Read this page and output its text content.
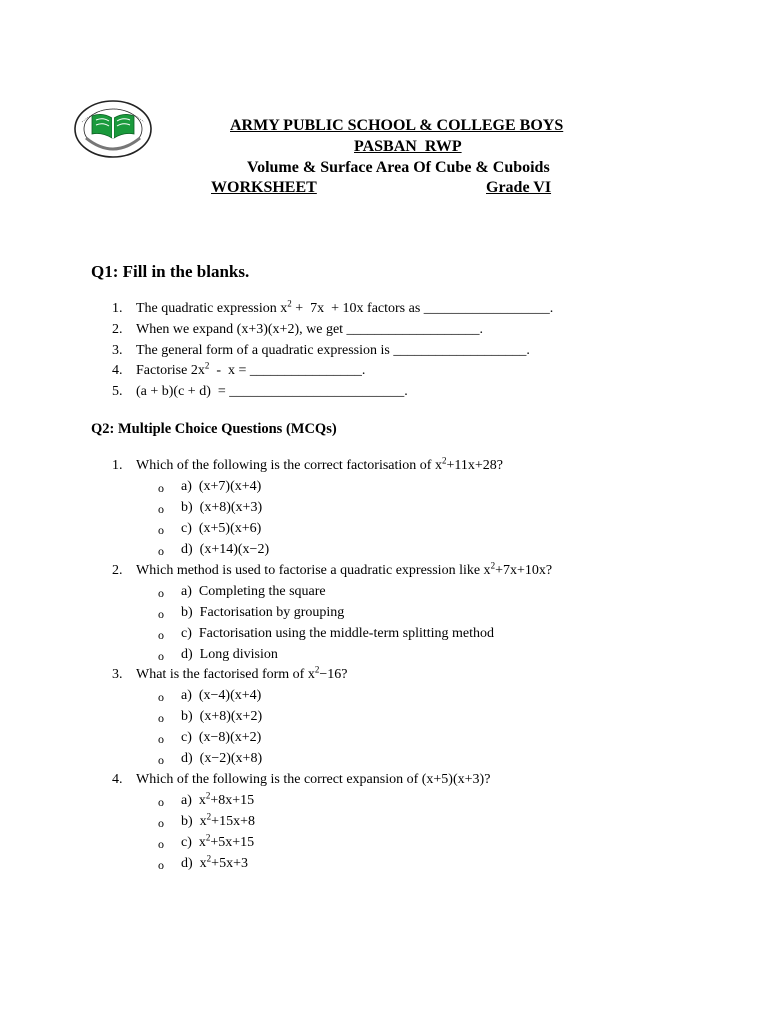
ARMY PUBLIC SCHOOL & COLLEGE BOYS
PASBAN  RWP
Volume & Surface Area Of Cube & Cuboids
WORKSHEET	Grade VI
Q1: Fill in the blanks.
1. The quadratic expression $x^2 + 7x + 10x$ factors as __________________.
2. When we expand (x+3)(x+2), we get ___________________.
3. The general form of a quadratic expression is ___________________.
4. Factorise $2x^2$  -  x = ________________.
5. (a + b)(c + d)  = _________________________.
Q2: Multiple Choice Questions (MCQs)
1. Which of the following is the correct factorisation of $x^2+11x+28$?
o a)  (x+7)(x+4)
o b)  (x+8)(x+3)
o c)  (x+5)(x+6)
o d)  (x+14)(x−2)
2. Which method is used to factorise a quadratic expression like $x^2+7x+10x$?
o a)  Completing the square
o b)  Factorisation by grouping
o c)  Factorisation using the middle-term splitting method
o d)  Long division
3. What is the factorised form of $x^2-16$?
o a)  (x−4)(x+4)
o b)  (x+8)(x+2)
o c)  (x−8)(x+2)
o d)  (x−2)(x+8)
4. Which of the following is the correct expansion of (x+5)(x+3)?
o a)  $x^2+8x+15$
o b)  $x^2+15x+8$
o c)  $x^2+5x+15$
o d)  $x^2+5x+3$
